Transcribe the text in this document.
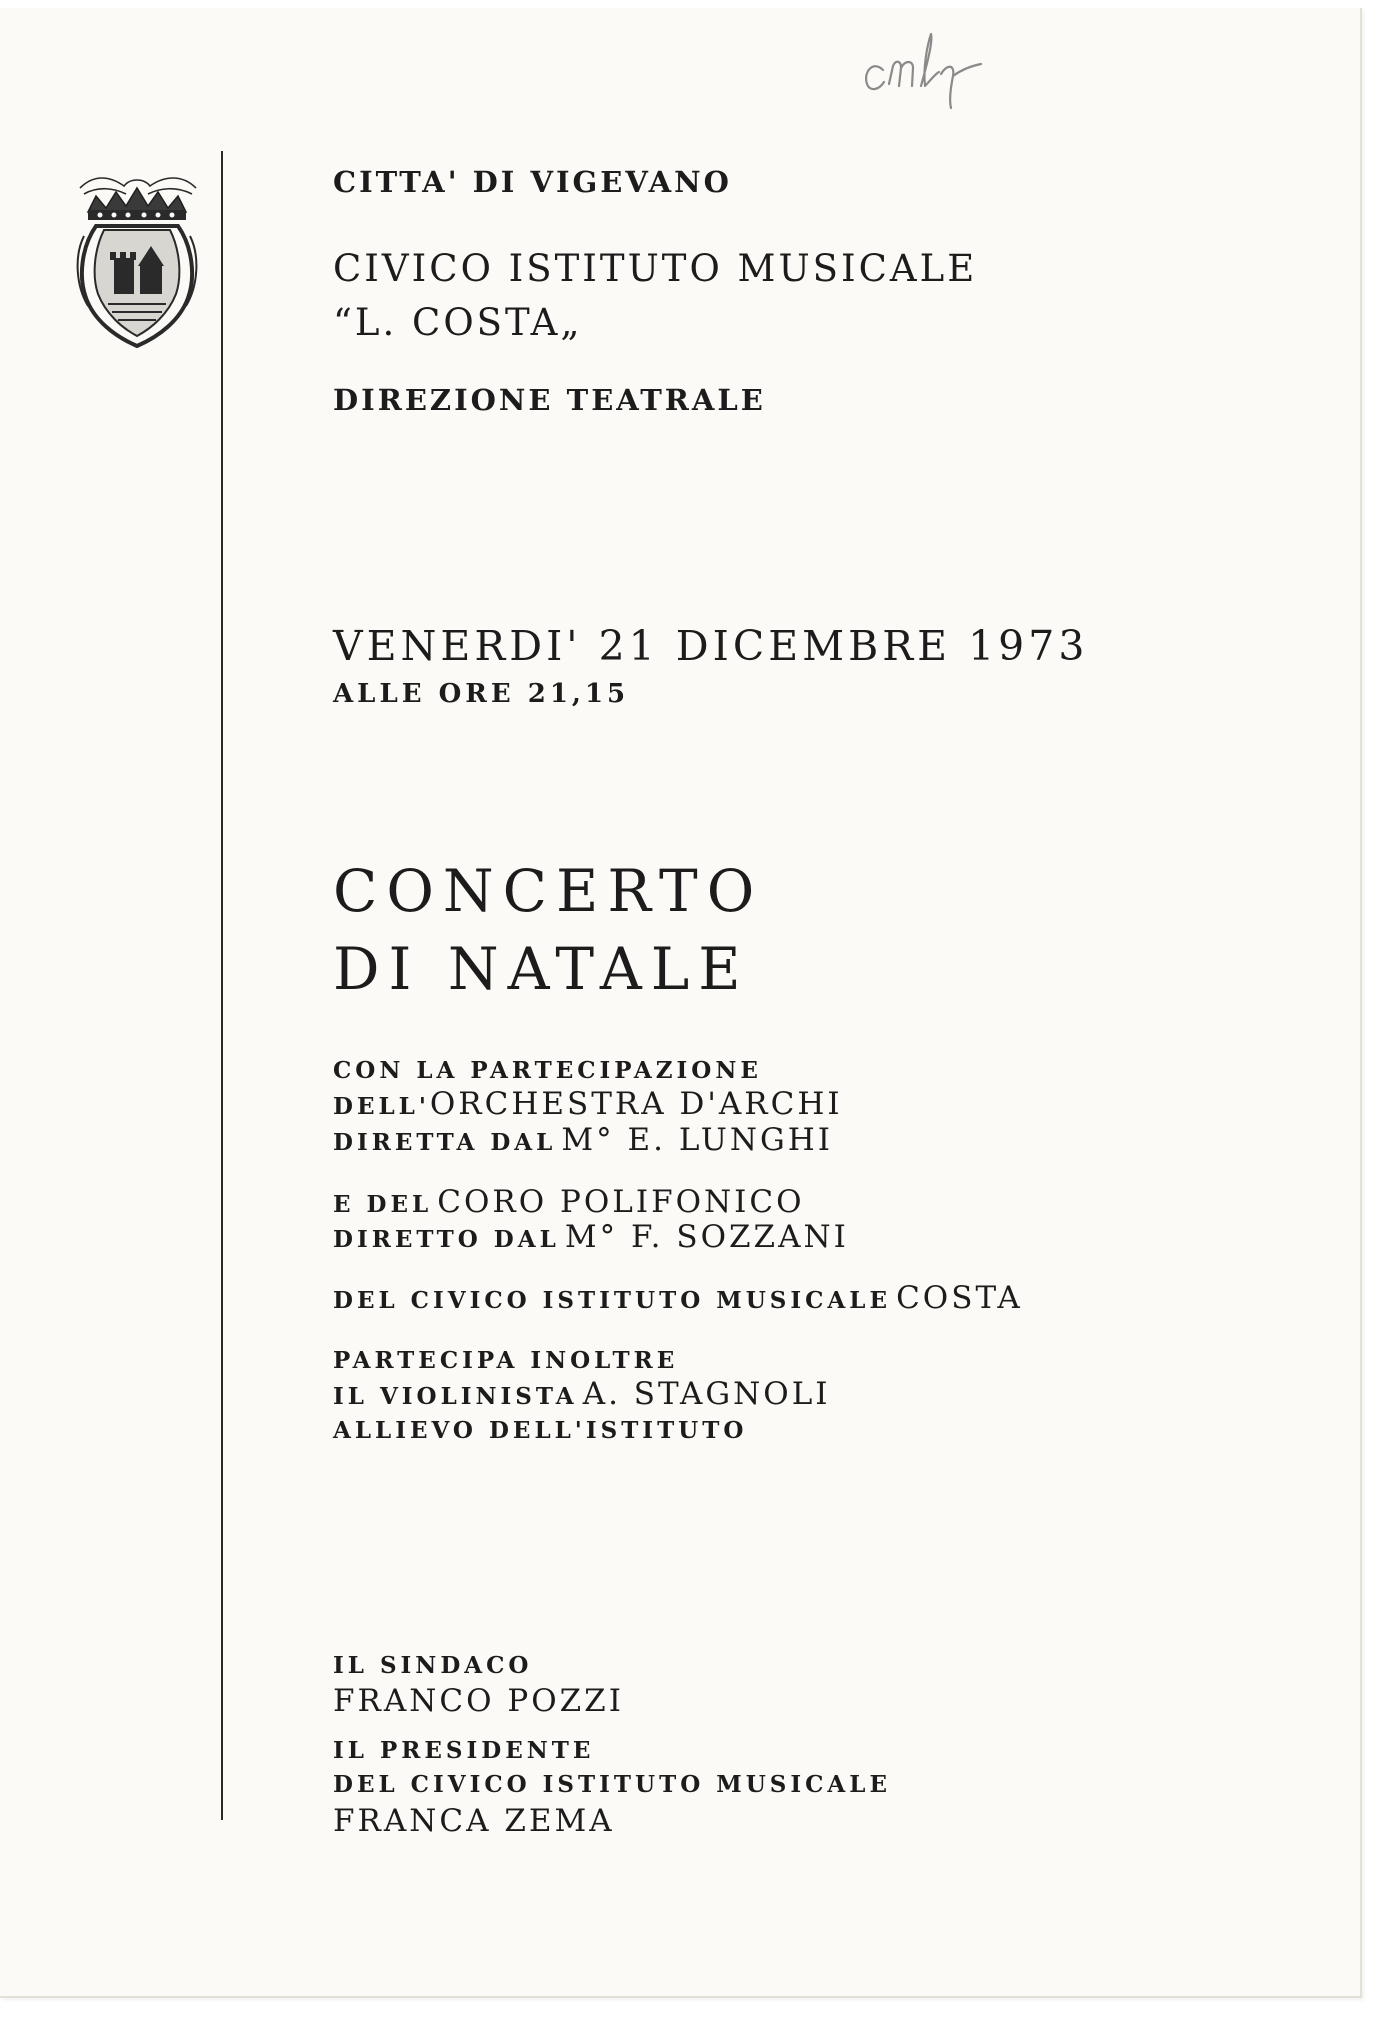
CITTA' DI VIGEVANO

CIVICO ISTITUTO MUSICALE

“L. COSTA„

DIREZIONE TEATRALE

VENERDI' 21 DICEMBRE 1973

ALLE ORE 21,15

CONCERTO

DI NATALE

CON LA PARTECIPAZIONE

DELL'ORCHESTRA D'ARCHI

DIRETTA DAL M° E. LUNGHI

E DEL CORO POLIFONICO

DIRETTO DAL M° F. SOZZANI

DEL CIVICO ISTITUTO MUSICALE COSTA

PARTECIPA INOLTRE

IL VIOLINISTA A. STAGNOLI

ALLIEVO DELL'ISTITUTO

IL SINDACO

FRANCO POZZI

IL PRESIDENTE

DEL CIVICO ISTITUTO MUSICALE

FRANCA ZEMA
